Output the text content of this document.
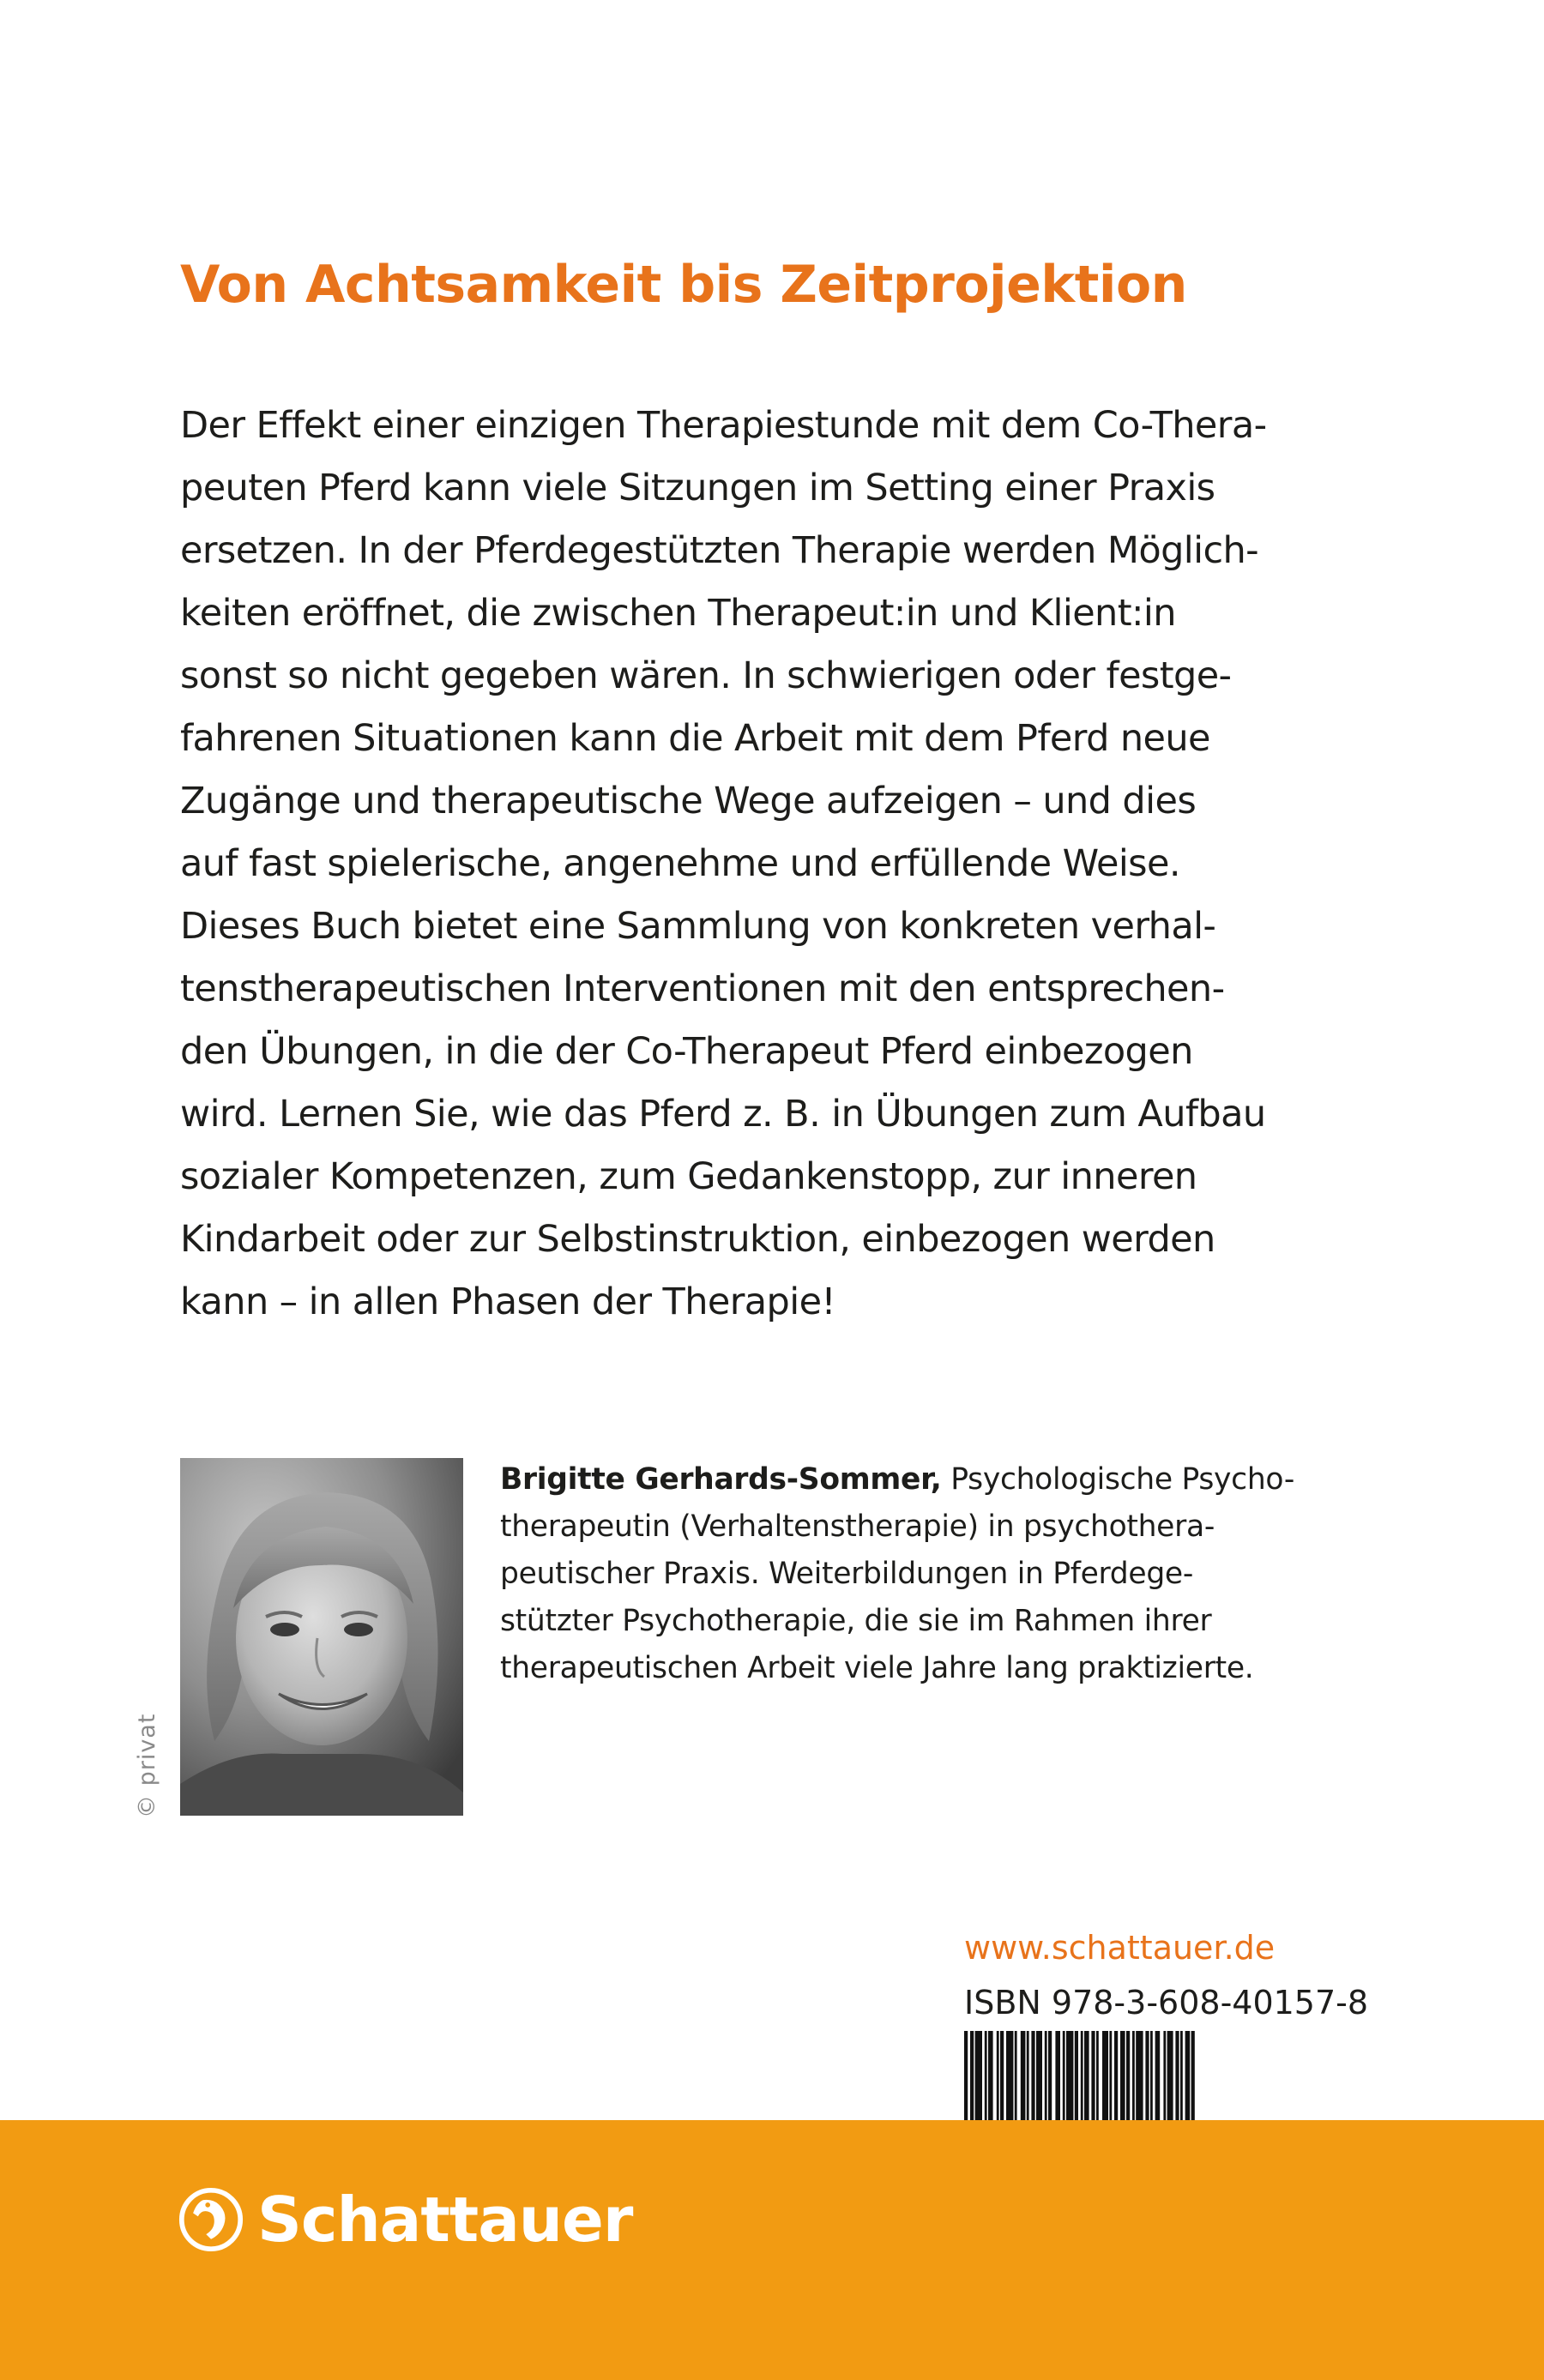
Von Achtsamkeit bis Zeitprojektion
Der Effekt einer einzigen Therapiestunde mit dem Co-Thera-
peuten Pferd kann viele Sitzungen im Setting einer Praxis
ersetzen. In der Pferdegestützten Therapie werden Möglich-
keiten eröffnet, die zwischen Therapeut:in und Klient:in
sonst so nicht gegeben wären. In schwierigen oder festge-
fahrenen Situationen kann die Arbeit mit dem Pferd neue
Zugänge und therapeutische Wege aufzeigen – und dies
auf fast spielerische, angenehme und erfüllende Weise.
Dieses Buch bietet eine Sammlung von konkreten verhal-
tenstherapeutischen Interventionen mit den entsprechen-
den Übungen, in die der Co-Therapeut Pferd einbezogen
wird. Lernen Sie, wie das Pferd z. B. in Übungen zum Aufbau
sozialer Kompetenzen, zum Gedankenstopp, zur inneren
Kindarbeit oder zur Selbstinstruktion, einbezogen werden
kann – in allen Phasen der Therapie!
© privat
Brigitte Gerhards-Sommer, Psychologische Psycho-
therapeutin (Verhaltenstherapie) in psychothera-
peutischer Praxis. Weiterbildungen in Pferdege-
stützter Psychotherapie, die sie im Rahmen ihrer
therapeutischen Arbeit viele Jahre lang praktizierte.
www.schattauer.de
ISBN 978-3-608-40157-8
Schattauer
